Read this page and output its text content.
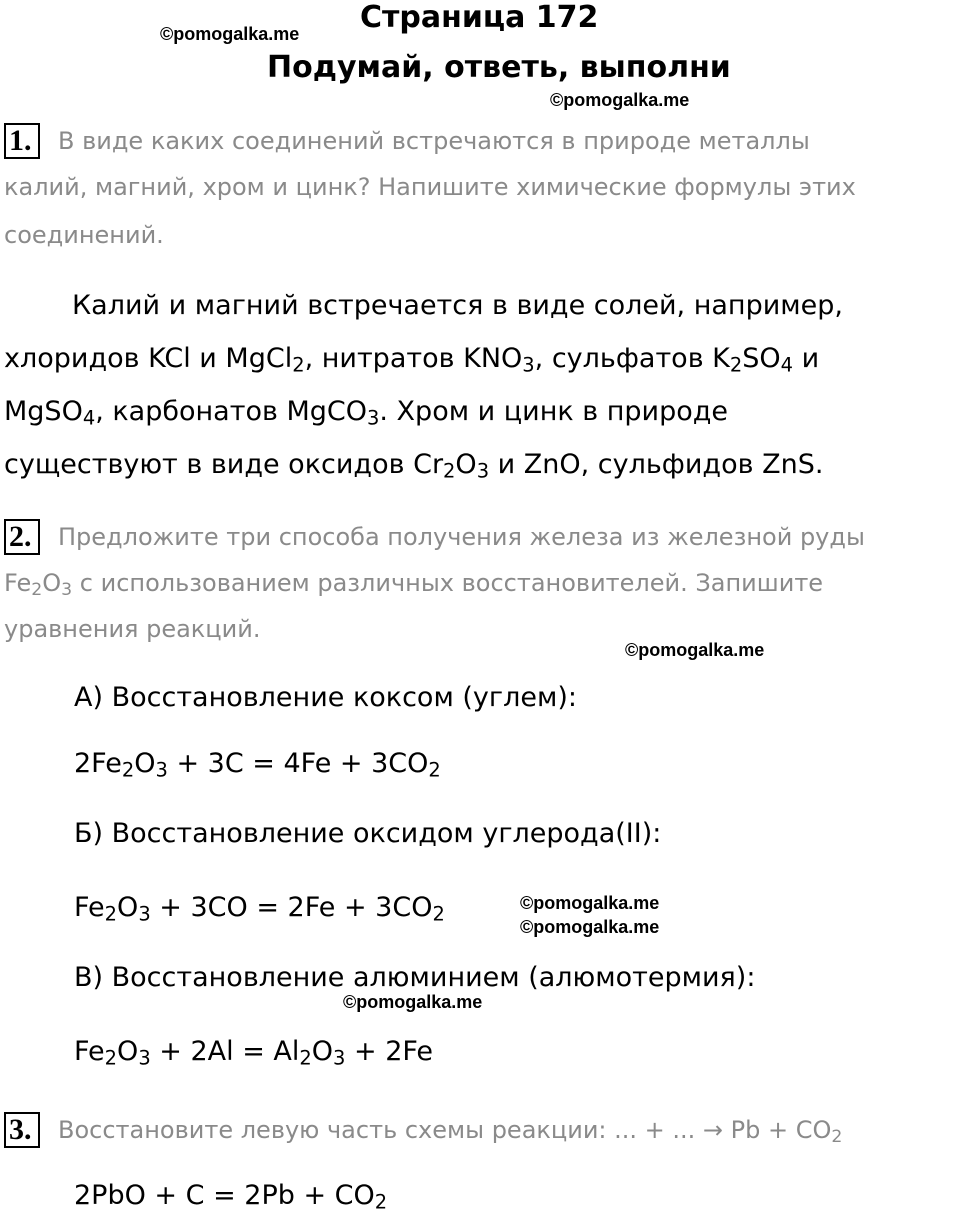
Страница 172
Подумай, ответь, выполни
©pomogalka.me
©pomogalka.me
1.	В виде каких соединений встречаются в природе металлы
калий, магний, хром и цинк? Напишите химические формулы этих
соединений.
Калий и магний встречается в виде солей, например,
хлоридов KCl и MgCl$_2$, нитратов $KNO_3$, сульфатов $K_2SO_4$ и
MgSO$_4$, карбонатов MgCO$_3$. Хром и цинк в природе
существуют в виде оксидов $Cr_2O_3$ и ZnO, сульфидов ZnS.
2.	Предложите три способа получения железа из железной руды
$Fe_2O_3$ с использованием различных восстановителей. Запишите
уравнения реакций.
©pomogalka.me
А) Восстановление коксом (углем):
$2Fe_2O_3 + 3C = 4Fe + 3CO_2$
Б) Восстановление оксидом углерода(II):
$Fe_2O_3 + 3CO = 2Fe + 3CO_2$	©pomogalka.me
©pomogalka.me
В) Восстановление алюминием (алюмотермия):
©pomogalka.me
$Fe_2O_3 + 2Al = Al_2O_3 + 2Fe$
3.	Восстановите левую часть схемы реакции: ... + ... → $Pb + CO_2$
$2PbO + C = 2Pb + CO_2$
